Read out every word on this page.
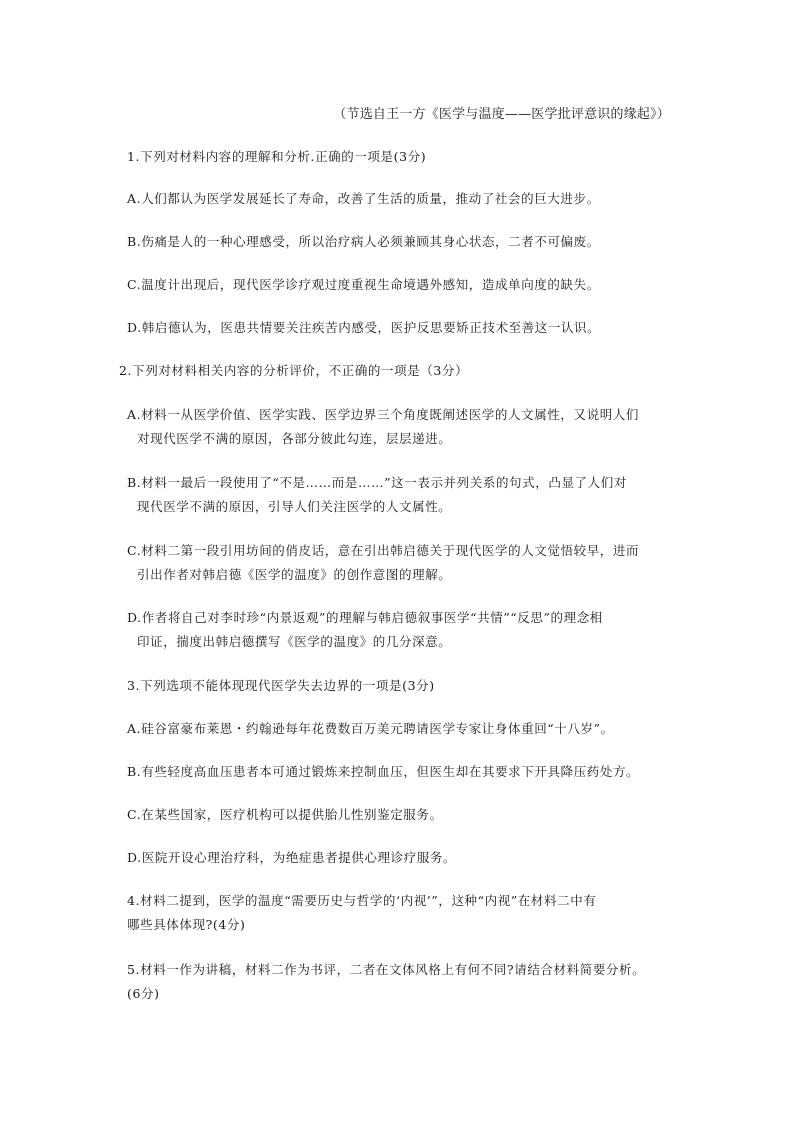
（节选自王一方《医学与温度——医学批评意识的缘起》）
1.下列对材料内容的理解和分析.正确的一项是(3分)
A.人们都认为医学发展延长了寿命，改善了生活的质量，推动了社会的巨大进步。
B.伤痛是人的一种心理感受，所以治疗病人必须兼顾其身心状态，二者不可偏废。
C.温度计出现后，现代医学诊疗观过度重视生命境遇外感知，造成单向度的缺失。
D.韩启德认为，医患共情要关注疾苦内感受，医护反思要矫正技术至善这一认识。
2.下列对材料相关内容的分析评价，不正确的一项是（3分）
A.材料一从医学价值、医学实践、医学边界三个角度既阐述医学的人文属性，又说明人们
对现代医学不满的原因，各部分彼此勾连，层层递进。
B.材料一最后一段使用了“不是……而是……”这一表示并列关系的句式，凸显了人们对
现代医学不满的原因，引导人们关注医学的人文属性。
C.材料二第一段引用坊间的俏皮话，意在引出韩启德关于现代医学的人文觉悟较早，进而
引出作者对韩启德《医学的温度》的创作意图的理解。
D.作者将自己对李时珍“内景返观”的理解与韩启德叙事医学“共情”“反思”的理念相
印证，揣度出韩启德撰写《医学的温度》的几分深意。
3.下列选项不能体现现代医学失去边界的一项是(3分)
A.硅谷富豪布莱恩・约翰逊每年花费数百万美元聘请医学专家让身体重回“十八岁”。
B.有些轻度高血压患者本可通过锻炼来控制血压，但医生却在其要求下开具降压药处方。
C.在某些国家，医疗机构可以提供胎儿性别鉴定服务。
D.医院开设心理治疗科，为绝症患者提供心理诊疗服务。
4.材料二提到，医学的温度“需要历史与哲学的‘内视’”，这种“内视”在材料二中有
哪些具体体现?(4分)
5.材料一作为讲稿，材料二作为书评，二者在文体风格上有何不同?请结合材料简要分析。
(6分)
